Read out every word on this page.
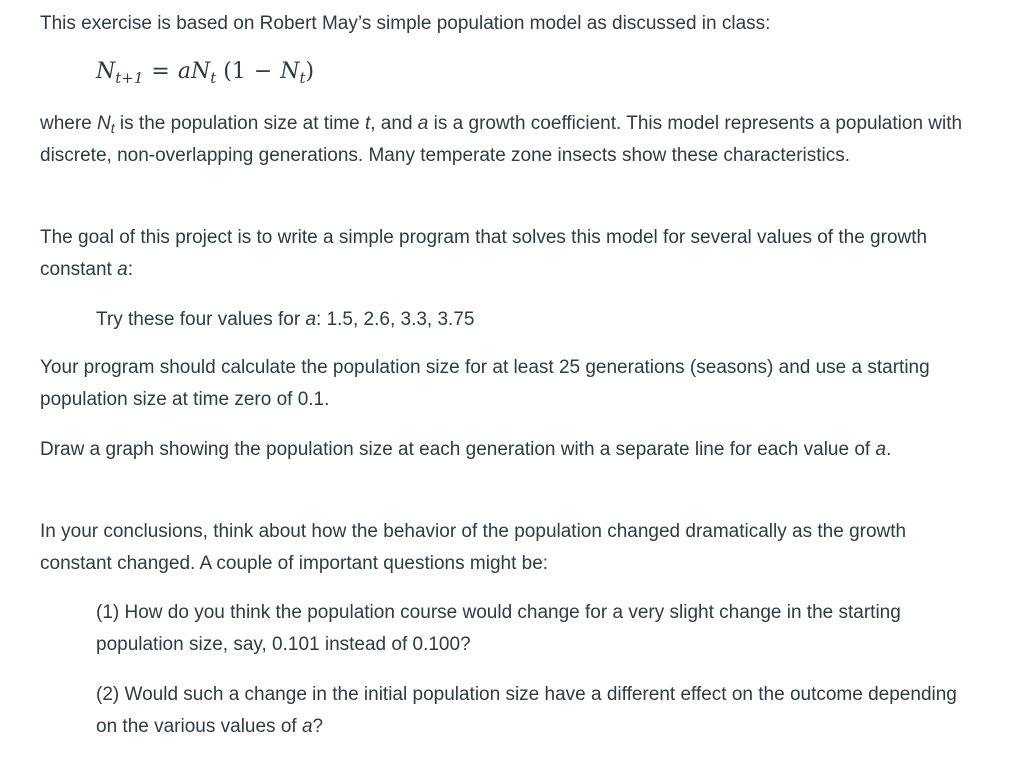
This exercise is based on Robert May’s simple population model as discussed in class:

$N_{t+1} = aN_t$ $(1 - N_t)$

where $N_t$ is the population size at time t, and a is a growth coefficient. This model represents a population with discrete, non-overlapping generations. Many temperate zone insects show these characteristics.

The goal of this project is to write a simple program that solves this model for several values of the growth constant a:

Try these four values for a: 1.5, 2.6, 3.3, 3.75

Your program should calculate the population size for at least 25 generations (seasons) and use a starting population size at time zero of 0.1.

Draw a graph showing the population size at each generation with a separate line for each value of a.

In your conclusions, think about how the behavior of the population changed dramatically as the growth constant changed. A couple of important questions might be:

(1) How do you think the population course would change for a very slight change in the starting population size, say, 0.101 instead of 0.100?

(2) Would such a change in the initial population size have a different effect on the outcome depending on the various values of a?
